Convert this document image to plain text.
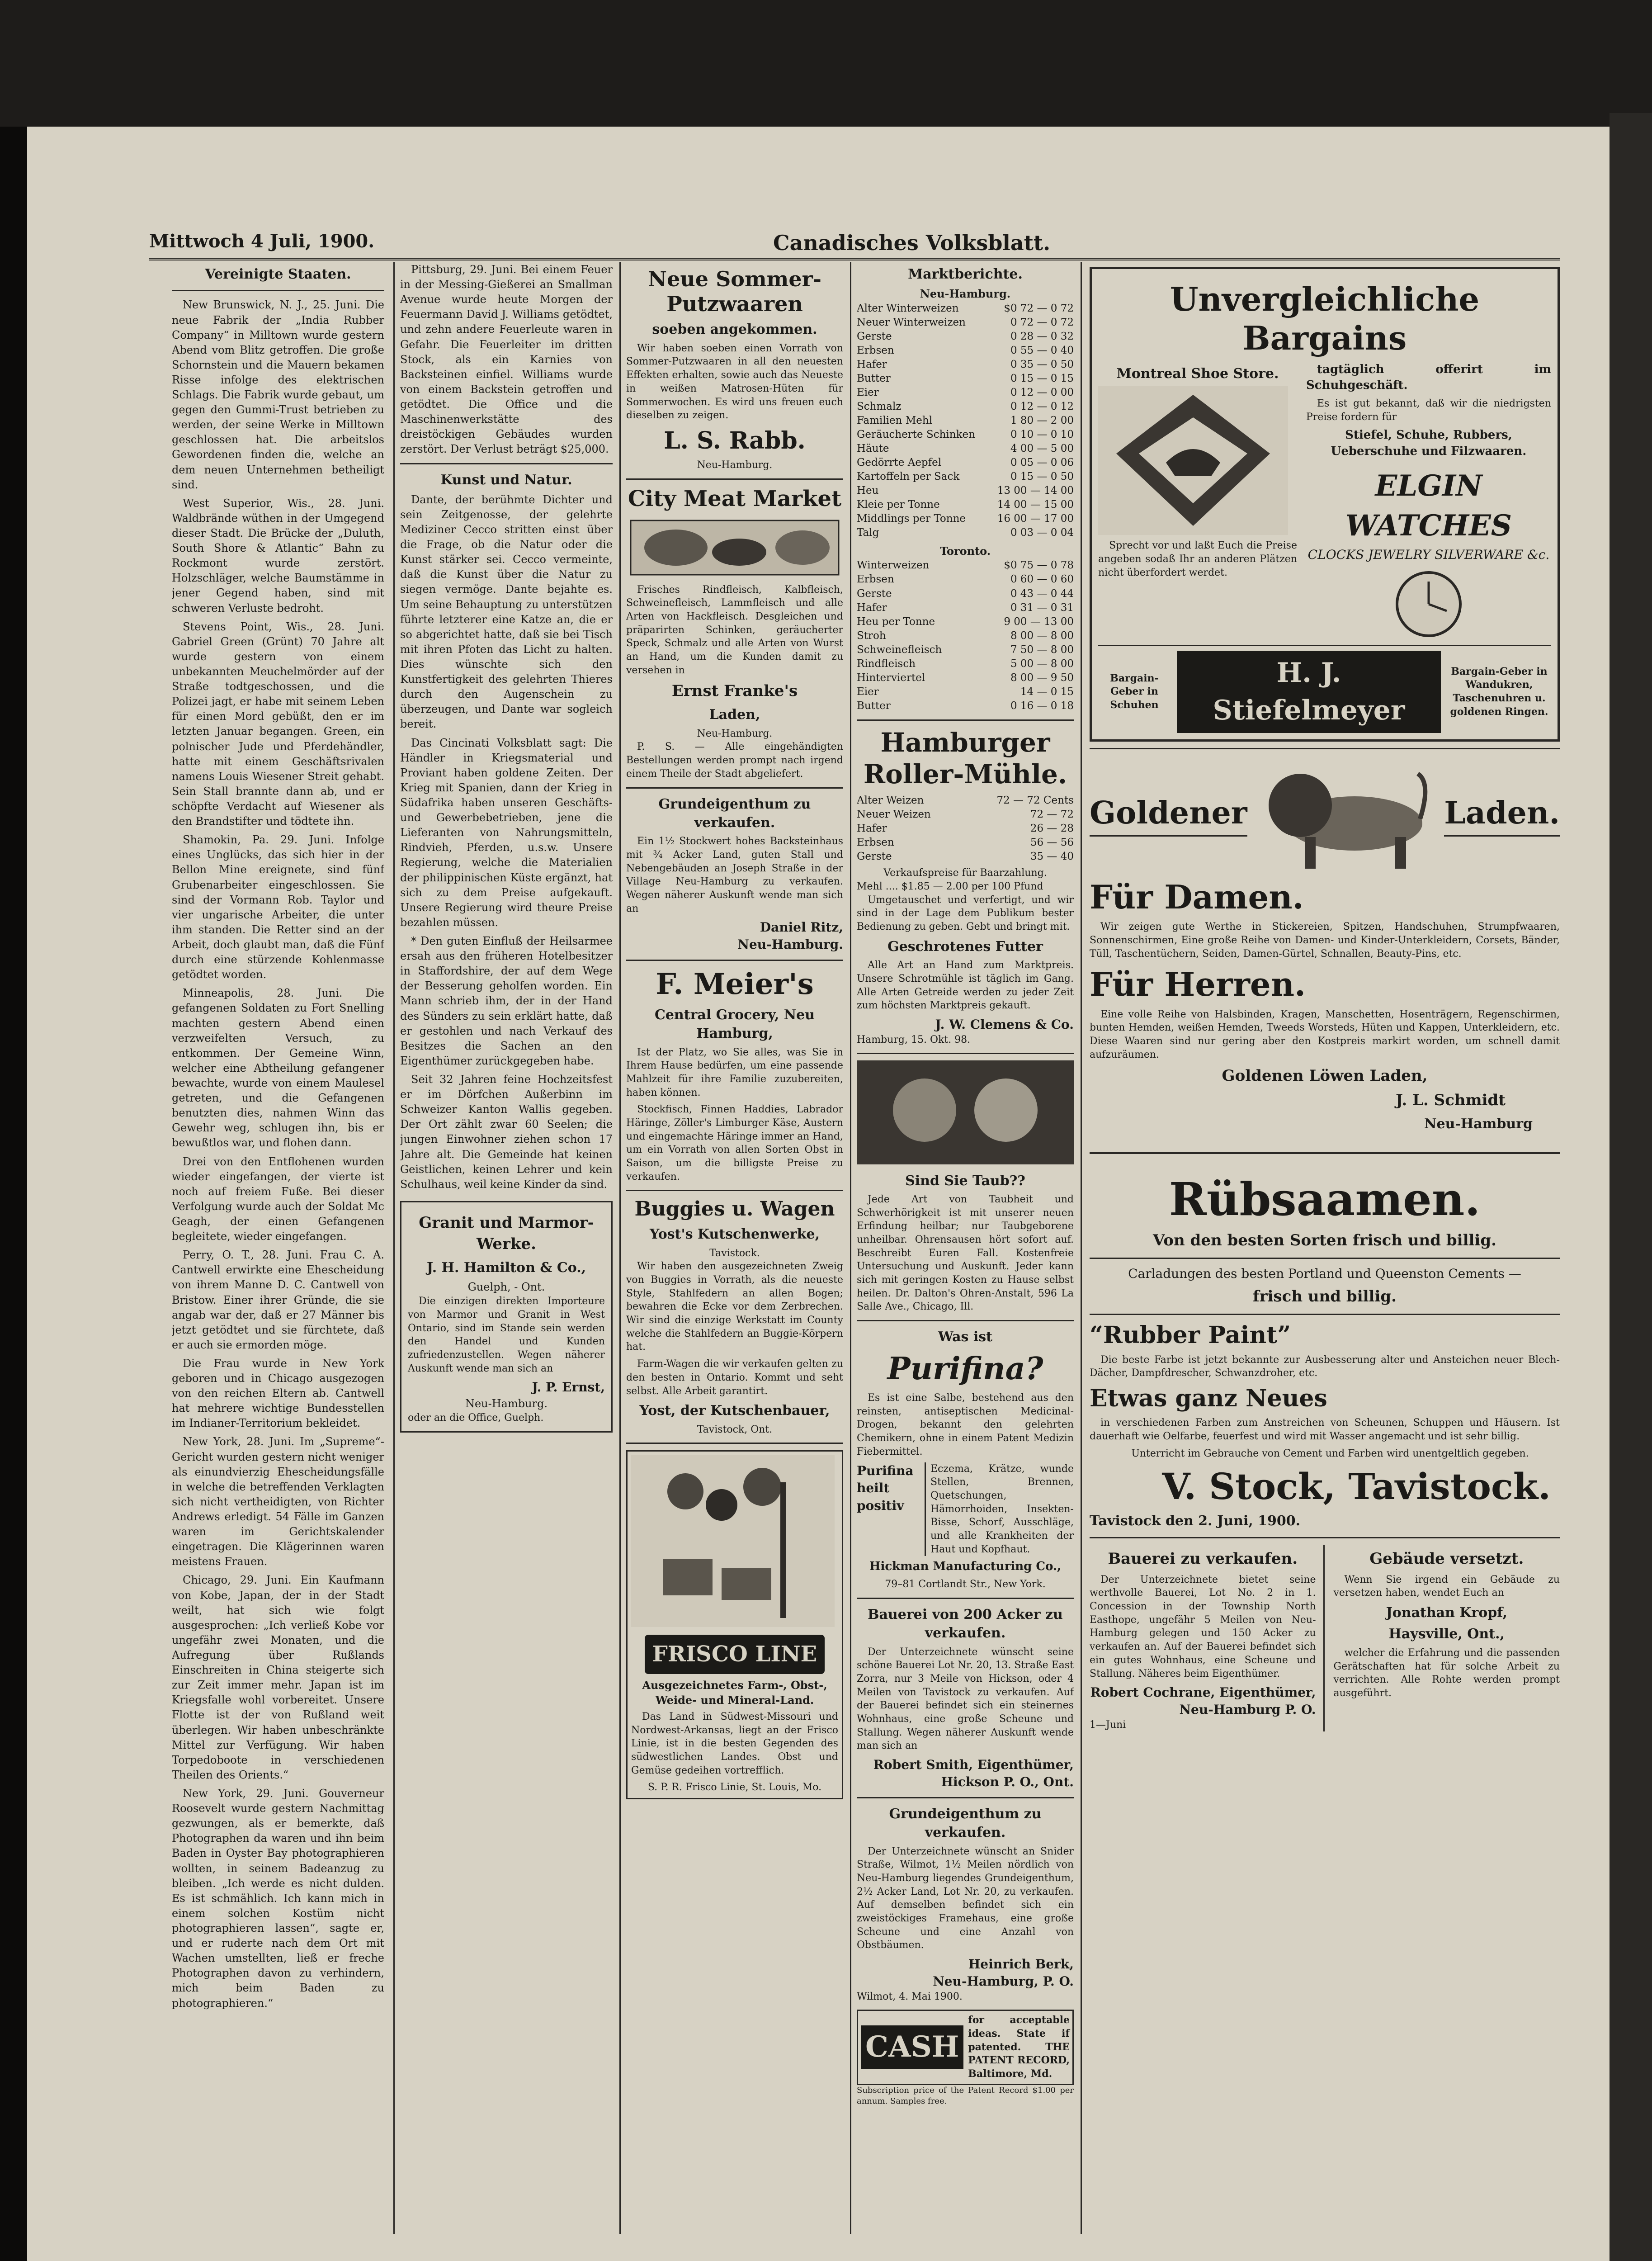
Mittwoch 4 Juli, 1900.	Canadisches Volksblatt.
Vereinigte Staaten.

New Brunswick, N. J., 25. Juni. Die neue Fabrik der „India Rubber Company“ in Milltown wurde gestern Abend vom Blitz getroffen. Die große Schornstein und die Mauern bekamen Risse infolge des elektrischen Schlags. Die Fabrik wurde gebaut, um gegen den Gummi-Trust betrieben zu werden, der seine Werke in Milltown geschlossen hat. Die arbeitslos Gewordenen finden die, welche an dem neuen Unternehmen betheiligt sind.

West Superior, Wis., 28. Juni. Waldbrände wüthen in der Umgegend dieser Stadt. Die Brücke der „Duluth, South Shore & Atlantic“ Bahn zu Rockmont wurde zerstört. Holzschläger, welche Baumstämme in jener Gegend haben, sind mit schweren Verluste bedroht.

Stevens Point, Wis., 28. Juni. Gabriel Green (Grünt) 70 Jahre alt wurde gestern von einem unbekannten Meuchelmörder auf der Straße todtgeschossen, und die Polizei jagt, er habe mit seinem Leben für einen Mord gebüßt, den er im letzten Januar begangen. Green, ein polnischer Jude und Pferdehändler, hatte mit einem Geschäftsrivalen namens Louis Wiesener Streit gehabt. Sein Stall brannte dann ab, und er schöpfte Verdacht auf Wiesener als den Brandstifter und tödtete ihn.

Shamokin, Pa. 29. Juni. Infolge eines Unglücks, das sich hier in der Bellon Mine ereignete, sind fünf Grubenarbeiter eingeschlossen. Sie sind der Vormann Rob. Taylor und vier ungarische Arbeiter, die unter ihm standen. Die Retter sind an der Arbeit, doch glaubt man, daß die Fünf durch eine stürzende Kohlenmasse getödtet worden.

Minneapolis, 28. Juni. Die gefangenen Soldaten zu Fort Snelling machten gestern Abend einen verzweifelten Versuch, zu entkommen. Der Gemeine Winn, welcher eine Abtheilung gefangener bewachte, wurde von einem Maulesel getreten, und die Gefangenen benutzten dies, nahmen Winn das Gewehr weg, schlugen ihn, bis er bewußtlos war, und flohen dann.

Drei von den Entflohenen wurden wieder eingefangen, der vierte ist noch auf freiem Fuße. Bei dieser Verfolgung wurde auch der Soldat Mc Geagh, der einen Gefangenen begleitete, wieder eingefangen.

Perry, O. T., 28. Juni. Frau C. A. Cantwell erwirkte eine Ehescheidung von ihrem Manne D. C. Cantwell von Bristow. Einer ihrer Gründe, die sie angab war der, daß er 27 Männer bis jetzt getödtet und sie fürchtete, daß er auch sie ermorden möge.

Die Frau wurde in New York geboren und in Chicago ausgezogen von den reichen Eltern ab. Cantwell hat mehrere wichtige Bundesstellen im Indianer-Territorium bekleidet.

New York, 28. Juni. Im „Supreme“-Gericht wurden gestern nicht weniger als einundvierzig Ehescheidungsfälle in welche die betreffenden Verklagten sich nicht vertheidigten, von Richter Andrews erledigt. 54 Fälle im Ganzen waren im Gerichtskalender eingetragen. Die Klägerinnen waren meistens Frauen.

Chicago, 29. Juni. Ein Kaufmann von Kobe, Japan, der in der Stadt weilt, hat sich wie folgt ausgesprochen: „Ich verließ Kobe vor ungefähr zwei Monaten, und die Aufregung über Rußlands Einschreiten in China steigerte sich zur Zeit immer mehr. Japan ist im Kriegsfalle wohl vorbereitet. Unsere Flotte ist der von Rußland weit überlegen. Wir haben unbeschränkte Mittel zur Verfügung. Wir haben Torpedoboote in verschiedenen Theilen des Orients.“

New York, 29. Juni. Gouverneur Roosevelt wurde gestern Nachmittag gezwungen, als er bemerkte, daß Photographen da waren und ihn beim Baden in Oyster Bay photographieren wollten, in seinem Badeanzug zu bleiben. „Ich werde es nicht dulden. Es ist schmählich. Ich kann mich in einem solchen Kostüm nicht photographieren lassen“, sagte er, und er ruderte nach dem Ort mit Wachen umstellten, ließ er freche Photographen davon zu verhindern, mich beim Baden zu photographieren.“

Pittsburg, 29. Juni. Bei einem Feuer in der Messing-Gießerei an Smallman Avenue wurde heute Morgen der Feuermann David J. Williams getödtet, und zehn andere Feuerleute waren in Gefahr. Die Feuerleiter im dritten Stock, als ein Karnies von Backsteinen einfiel. Williams wurde von einem Backstein getroffen und getödtet. Die Office und die Maschinenwerkstätte des dreistöckigen Gebäudes wurden zerstört. Der Verlust beträgt $25,000.

Kunst und Natur.

Dante, der berühmte Dichter und sein Zeitgenosse, der gelehrte Mediziner Cecco stritten einst über die Frage, ob die Natur oder die Kunst stärker sei. Cecco vermeinte, daß die Kunst über die Natur zu siegen vermöge. Dante bejahte es. Um seine Behauptung zu unterstützen führte letzterer eine Katze an, die er so abgerichtet hatte, daß sie bei Tisch mit ihren Pfoten das Licht zu halten. Dies wünschte sich den Kunstfertigkeit des gelehrten Thieres durch den Augenschein zu überzeugen, und Dante war sogleich bereit.

Das Cincinati Volksblatt sagt: Die Händler in Kriegsmaterial und Proviant haben goldene Zeiten. Der Krieg mit Spanien, dann der Krieg in Südafrika haben unseren Geschäfts- und Gewerbebetrieben, jene die Lieferanten von Nahrungsmitteln, Rindvieh, Pferden, u.s.w. Unsere Regierung, welche die Materialien der philippinischen Küste ergänzt, hat sich zu dem Preise aufgekauft. Unsere Regierung wird theure Preise bezahlen müssen.

* Den guten Einfluß der Heilsarmee ersah aus den früheren Hotelbesitzer in Staffordshire, der auf dem Wege der Besserung geholfen worden. Ein Mann schrieb ihm, der in der Hand des Sünders zu sein erklärt hatte, daß er gestohlen und nach Verkauf des Besitzes die Sachen an den Eigenthümer zurückgegeben habe.

Seit 32 Jahren feine Hochzeitsfest er im Dörfchen Außerbinn im Schweizer Kanton Wallis gegeben. Der Ort zählt zwar 60 Seelen; die jungen Einwohner ziehen schon 17 Jahre alt. Die Gemeinde hat keinen Geistlichen, keinen Lehrer und kein Schulhaus, weil keine Kinder da sind.

Granit und Marmor-Werke.
J. H. Hamilton & Co.,
Guelph, - Ont.

Die einzigen direkten Importeure von Marmor und Granit in West Ontario, sind im Stande sein werden den Handel und Kunden zufriedenzustellen. Wegen näherer Auskunft wende man sich an

J. P. Ernst,
Neu-Hamburg.
oder an die Office, Guelph.
Neue Sommer-Putzwaaren
soeben angekommen.

Wir haben soeben einen Vorrath von Sommer-Putzwaaren in all den neuesten Effekten erhalten, sowie auch das Neueste in weißen Matrosen-Hüten für Sommerwochen. Es wird uns freuen euch dieselben zu zeigen.

L. S. Rabb.
Neu-Hamburg.
City Meat Market

Frisches Rindfleisch, Kalbfleisch, Schweinefleisch, Lammfleisch und alle Arten von Hackfleisch. Desgleichen und präparirten Schinken, geräucherter Speck, Schmalz und alle Arten von Wurst an Hand, um die Kunden damit zu versehen in

Ernst Franke's
Laden,
Neu-Hamburg.

P. S. — Alle eingehändigten Bestellungen werden prompt nach irgend einem Theile der Stadt abgeliefert.

Grundeigenthum zu verkaufen.

Ein 1½ Stockwert hohes Backsteinhaus mit ¾ Acker Land, guten Stall und Nebengebäuden an Joseph Straße in der Village Neu-Hamburg zu verkaufen. Wegen näherer Auskunft wende man sich an

Daniel Ritz,
Neu-Hamburg.
F. Meier's
Central Grocery, Neu Hamburg,

Ist der Platz, wo Sie alles, was Sie in Ihrem Hause bedürfen, um eine passende Mahlzeit für ihre Familie zuzubereiten, haben können.

Stockfisch, Finnen Haddies, Labrador Häringe, Zöller's Limburger Käse, Austern und eingemachte Häringe immer an Hand, um ein Vorrath von allen Sorten Obst in Saison, um die billigste Preise zu verkaufen.

Buggies u. Wagen
Yost's Kutschenwerke,
Tavistock.

Wir haben den ausgezeichneten Zweig von Buggies in Vorrath, als die neueste Style, Stahlfedern an allen Bogen; bewahren die Ecke vor dem Zerbrechen. Wir sind die einzige Werkstatt im County welche die Stahlfedern an Buggie-Körpern hat.

Farm-Wagen die wir verkaufen gelten zu den besten in Ontario. Kommt und seht selbst. Alle Arbeit garantirt.

Yost, der Kutschenbauer,
Tavistock, Ont.
FRISCO LINE
Ausgezeichnetes Farm-, Obst-, Weide- und Mineral-Land.

Das Land in Südwest-Missouri und Nordwest-Arkansas, liegt an der Frisco Linie, ist in die besten Gegenden des südwestlichen Landes. Obst und Gemüse gedeihen vortrefflich.

S. P. R. Frisco Linie, St. Louis, Mo.
Marktberichte.
Neu-Hamburg.
Alter Winterweizen	$0 72 — 0 72
Neuer Winterweizen	0 72 — 0 72
Gerste	0 28 — 0 32
Erbsen	0 55 — 0 40
Hafer	0 35 — 0 50
Butter	0 15 — 0 15
Eier	0 12 — 0 00
Schmalz	0 12 — 0 12
Familien Mehl	1 80 — 2 00
Geräucherte Schinken	0 10 — 0 10
Häute	4 00 — 5 00
Gedörrte Aepfel	0 05 — 0 06
Kartoffeln per Sack	0 15 — 0 50
Heu	13 00 — 14 00
Kleie per Tonne	14 00 — 15 00
Middlings per Tonne	16 00 — 17 00
Talg	0 03 — 0 04
Toronto.
Winterweizen	$0 75 — 0 78
Erbsen	0 60 — 0 60
Gerste	0 43 — 0 44
Hafer	0 31 — 0 31
Heu per Tonne	9 00 — 13 00
Stroh	8 00 — 8 00
Schweinefleisch	7 50 — 8 00
Rindfleisch	5 00 — 8 00
Hinterviertel	8 00 — 9 50
Eier	14 — 0 15
Butter	0 16 — 0 18
Hamburger Roller-Mühle.
Alter Weizen	72 — 72 Cents
Neuer Weizen	72 — 72
Hafer	26 — 28
Erbsen	56 — 56
Gerste	35 — 40
Verkaufspreise für Baarzahlung.
Mehl .... $1.85 — 2.00 per 100 Pfund

Umgetauschet und verfertigt, und wir sind in der Lage dem Publikum bester Bedienung zu geben. Gebt und bringt mit.

Geschrotenes Futter

Alle Art an Hand zum Marktpreis. Unsere Schrotmühle ist täglich im Gang. Alle Arten Getreide werden zu jeder Zeit zum höchsten Marktpreis gekauft.

J. W. Clemens & Co.
Hamburg, 15. Okt. 98.
Sind Sie Taub??

Jede Art von Taubheit und Schwerhörigkeit ist mit unserer neuen Erfindung heilbar; nur Taubgeborene unheilbar. Ohrensausen hört sofort auf. Beschreibt Euren Fall. Kostenfreie Untersuchung und Auskunft. Jeder kann sich mit geringen Kosten zu Hause selbst heilen. Dr. Dalton's Ohren-Anstalt, 596 La Salle Ave., Chicago, Ill.

Was ist
Purifina?

Es ist eine Salbe, bestehend aus den reinsten, antiseptischen Medicinal-Drogen, bekannt den gelehrten Chemikern, ohne in einem Patent Medizin Fiebermittel.

Purifina heilt positiv
Eczema, Krätze, wunde Stellen, Brennen, Quetschungen, Hämorrhoiden, Insekten-Bisse, Schorf, Ausschläge, und alle Krankheiten der Haut und Kopfhaut.
Hickman Manufacturing Co.,
79–81 Cortlandt Str., New York.
Bauerei von 200 Acker zu verkaufen.

Der Unterzeichnete wünscht seine schöne Bauerei Lot Nr. 20, 13. Straße East Zorra, nur 3 Meile von Hickson, oder 4 Meilen von Tavistock zu verkaufen. Auf der Bauerei befindet sich ein steinernes Wohnhaus, eine große Scheune und Stallung. Wegen näherer Auskunft wende man sich an

Robert Smith, Eigenthümer,
Hickson P. O., Ont.
Grundeigenthum zu verkaufen.

Der Unterzeichnete wünscht an Snider Straße, Wilmot, 1½ Meilen nördlich von Neu-Hamburg liegendes Grundeigenthum, 2½ Acker Land, Lot Nr. 20, zu verkaufen. Auf demselben befindet sich ein zweistöckiges Framehaus, eine große Scheune und eine Anzahl von Obstbäumen.

Heinrich Berk,
Neu-Hamburg, P. O.
Wilmot, 4. Mai 1900.
CASH
for acceptable ideas. State if patented. THE PATENT RECORD, Baltimore, Md.
Subscription price of the Patent Record $1.00 per annum. Samples free.
Unvergleichliche Bargains
Montreal Shoe Store.

Sprecht vor und laßt Euch die Preise angeben sodaß Ihr an anderen Plätzen nicht überfordert werdet.

tagtäglich offerirt im Schuhgeschäft.

Es ist gut bekannt, daß wir die niedrigsten Preise fordern für

Stiefel, Schuhe, Rubbers, Ueberschuhe und Filzwaaren.
ELGIN WATCHES
CLOCKS JEWELRY SILVERWARE &c.
Bargain-Geber in Schuhen
H. J. Stiefelmeyer
Bargain-Geber in Wandukren, Taschenuhren u. goldenen Ringen.
Goldener	Laden.
Für Damen.

Wir zeigen gute Werthe in Stickereien, Spitzen, Handschuhen, Strumpfwaaren, Sonnenschirmen, Eine große Reihe von Damen- und Kinder-Unterkleidern, Corsets, Bänder, Tüll, Taschentüchern, Seiden, Damen-Gürtel, Schnallen, Beauty-Pins, etc.

Für Herren.

Eine volle Reihe von Halsbinden, Kragen, Manschetten, Hosenträgern, Regenschirmen, bunten Hemden, weißen Hemden, Tweeds Worsteds, Hüten und Kappen, Unterkleidern, etc. Diese Waaren sind nur gering aber den Kostpreis markirt worden, um schnell damit aufzuräumen.

Goldenen Löwen Laden,
J. L. Schmidt
Neu-Hamburg
Rübsaamen.
Von den besten Sorten frisch und billig.
Carladungen des besten Portland und Queenston Cements —
frisch und billig.
“Rubber Paint”

Die beste Farbe ist jetzt bekannte zur Ausbesserung alter und Ansteichen neuer Blech-Dächer, Dampfdrescher, Schwanzdroher, etc.

Etwas ganz Neues

in verschiedenen Farben zum Anstreichen von Scheunen, Schuppen und Häusern. Ist dauerhaft wie Oelfarbe, feuerfest und wird mit Wasser angemacht und ist sehr billig.

Unterricht im Gebrauche von Cement und Farben wird unentgeltlich gegeben.

V. Stock, Tavistock.
Tavistock den 2. Juni, 1900.
Bauerei zu verkaufen.

Der Unterzeichnete bietet seine werthvolle Bauerei, Lot No. 2 in 1. Concession in der Township North Easthope, ungefähr 5 Meilen von Neu-Hamburg gelegen und 150 Acker zu verkaufen an. Auf der Bauerei befindet sich ein gutes Wohnhaus, eine Scheune und Stallung. Näheres beim Eigenthümer.

Robert Cochrane, Eigenthümer,
Neu-Hamburg P. O.
1—Juni
Gebäude versetzt.

Wenn Sie irgend ein Gebäude zu versetzen haben, wendet Euch an

Jonathan Kropf,
Haysville, Ont.,

welcher die Erfahrung und die passenden Gerätschaften hat für solche Arbeit zu verrichten. Alle Rohte werden prompt ausgeführt.
